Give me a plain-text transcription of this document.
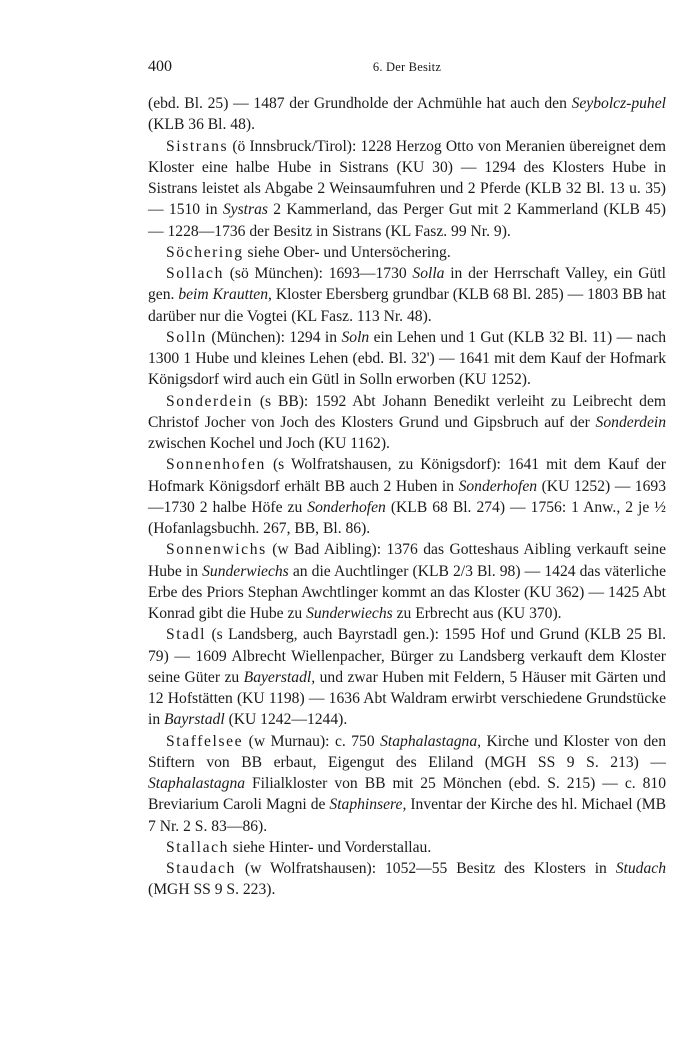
400	6. Der Besitz

(ebd. Bl. 25) — 1487 der Grundholde der Achmühle hat auch den Seybolcz-puhel (KLB 36 Bl. 48).

Sistrans (ö Innsbruck/Tirol): 1228 Herzog Otto von Meranien übereignet dem Kloster eine halbe Hube in Sistrans (KU 30) — 1294 des Klosters Hube in Sistrans leistet als Abgabe 2 Weinsaumfuhren und 2 Pferde (KLB 32 Bl. 13 u. 35) — 1510 in Systras 2 Kammerland, das Perger Gut mit 2 Kammerland (KLB 45) — 1228—1736 der Besitz in Sistrans (KL Fasz. 99 Nr. 9).

Söchering siehe Ober- und Untersöchering.

Sollach (sö München): 1693—1730 Solla in der Herrschaft Valley, ein Gütl gen. beim Krautten, Kloster Ebersberg grundbar (KLB 68 Bl. 285) — 1803 BB hat darüber nur die Vogtei (KL Fasz. 113 Nr. 48).

Solln (München): 1294 in Soln ein Lehen und 1 Gut (KLB 32 Bl. 11) — nach 1300 1 Hube und kleines Lehen (ebd. Bl. 32') — 1641 mit dem Kauf der Hofmark Königsdorf wird auch ein Gütl in Solln erworben (KU 1252).

Sonderdein (s BB): 1592 Abt Johann Benedikt verleiht zu Leibrecht dem Christof Jocher von Joch des Klosters Grund und Gipsbruch auf der Sonderdein zwischen Kochel und Joch (KU 1162).

Sonnenhofen (s Wolfratshausen, zu Königsdorf): 1641 mit dem Kauf der Hofmark Königsdorf erhält BB auch 2 Huben in Sonderhofen (KU 1252) — 1693—1730 2 halbe Höfe zu Sonderhofen (KLB 68 Bl. 274) — 1756: 1 Anw., 2 je ½ (Hofanlagsbuchh. 267, BB, Bl. 86).

Sonnenwichs (w Bad Aibling): 1376 das Gotteshaus Aibling verkauft seine Hube in Sunderwiechs an die Auchtlinger (KLB 2/3 Bl. 98) — 1424 das väterliche Erbe des Priors Stephan Awchtlinger kommt an das Kloster (KU 362) — 1425 Abt Konrad gibt die Hube zu Sunderwiechs zu Erbrecht aus (KU 370).

Stadl (s Landsberg, auch Bayrstadl gen.): 1595 Hof und Grund (KLB 25 Bl. 79) — 1609 Albrecht Wiellenpacher, Bürger zu Landsberg verkauft dem Kloster seine Güter zu Bayerstadl, und zwar Huben mit Feldern, 5 Häuser mit Gärten und 12 Hofstätten (KU 1198) — 1636 Abt Waldram erwirbt verschiedene Grundstücke in Bayrstadl (KU 1242—1244).

Staffelsee (w Murnau): c. 750 Staphalastagna, Kirche und Kloster von den Stiftern von BB erbaut, Eigengut des Eliland (MGH SS 9 S. 213) — Staphalastagna Filialkloster von BB mit 25 Mönchen (ebd. S. 215) — c. 810 Breviarium Caroli Magni de Staphinsere, Inventar der Kirche des hl. Michael (MB 7 Nr. 2 S. 83—86).

Stallach siehe Hinter- und Vorderstallau.

Staudach (w Wolfratshausen): 1052—55 Besitz des Klosters in Studach (MGH SS 9 S. 223).
